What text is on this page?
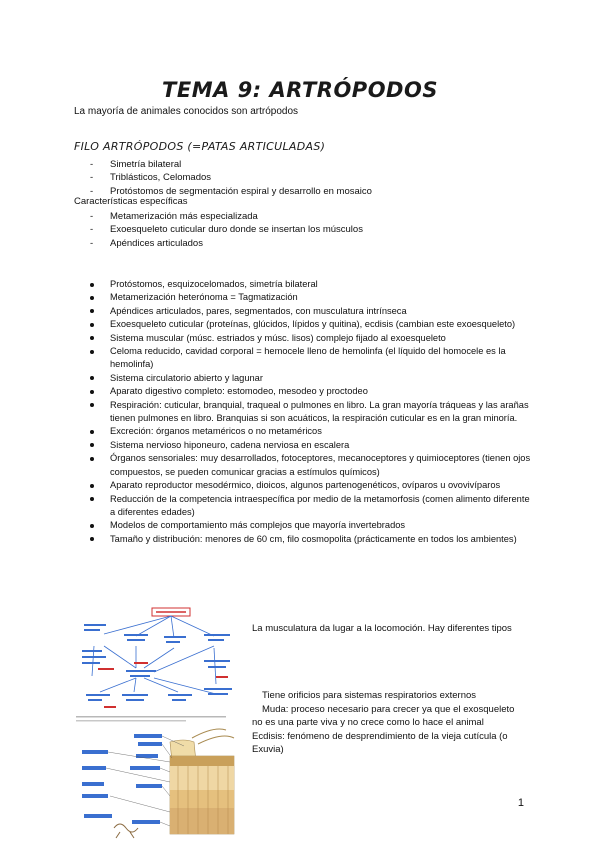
TEMA 9: ARTRÓPODOS
La mayoría de animales conocidos son artrópodos
FILO ARTRÓPODOS (=PATAS ARTICULADAS)
- Simetría bilateral
- Triblásticos, Celomados
- Protóstomos de segmentación espiral y desarrollo en mosaico
Características específicas
- Metamerización más especializada
- Exoesqueleto cuticular duro donde se insertan los músculos
- Apéndices articulados
Protóstomos, esquizocelomados, simetría bilateral
Metamerización heterónoma = Tagmatización
Apéndices articulados, pares, segmentados, con musculatura intrínseca
Exoesqueleto cuticular (proteínas, glúcidos, lípidos y quitina), ecdisis (cambian este exoesqueleto)
Sistema muscular (músc. estriados y músc. lisos) complejo fijado al exoesqueleto
Celoma reducido, cavidad corporal = hemocele lleno de hemolinfa (el líquido del homocele es la hemolinfa)
Sistema circulatorio abierto y lagunar
Aparato digestivo completo: estomodeo, mesodeo y proctodeo
Respiración: cuticular, branquial, traqueal o pulmones en libro. La gran mayoría tráqueas y las arañas tienen pulmones en libro. Branquias si son acuáticos, la respiración cuticular es en la gran minoría.
Excreción: órganos metaméricos o no metaméricos
Sistema nervioso hiponeuro, cadena nerviosa en escalera
Órganos sensoriales: muy desarrollados, fotoceptores, mecanoceptores y quimioceptores (tienen ojos compuestos, se pueden comunicar gracias a estímulos químicos)
Aparato reproductor mesodérmico, dioicos, algunos partenogenéticos, ovíparos u ovovivíparos
Reducción de la competencia intraespecífica por medio de la metamorfosis (comen alimento diferente a diferentes edades)
Modelos de comportamiento más complejos que mayoría invertebrados
Tamaño y distribución: menores de 60 cm, filo cosmopolita (prácticamente en todos los ambientes)

La musculatura da lugar a la locomoción. Hay diferentes tipos

Tiene orificios para sistemas respiratorios externos

Muda: proceso necesario para crecer ya que el exosqueleto no es una parte viva y no crece como lo hace el animal

Ecdisis: fenómeno de desprendimiento de la vieja cutícula (o Exuvia)

1
